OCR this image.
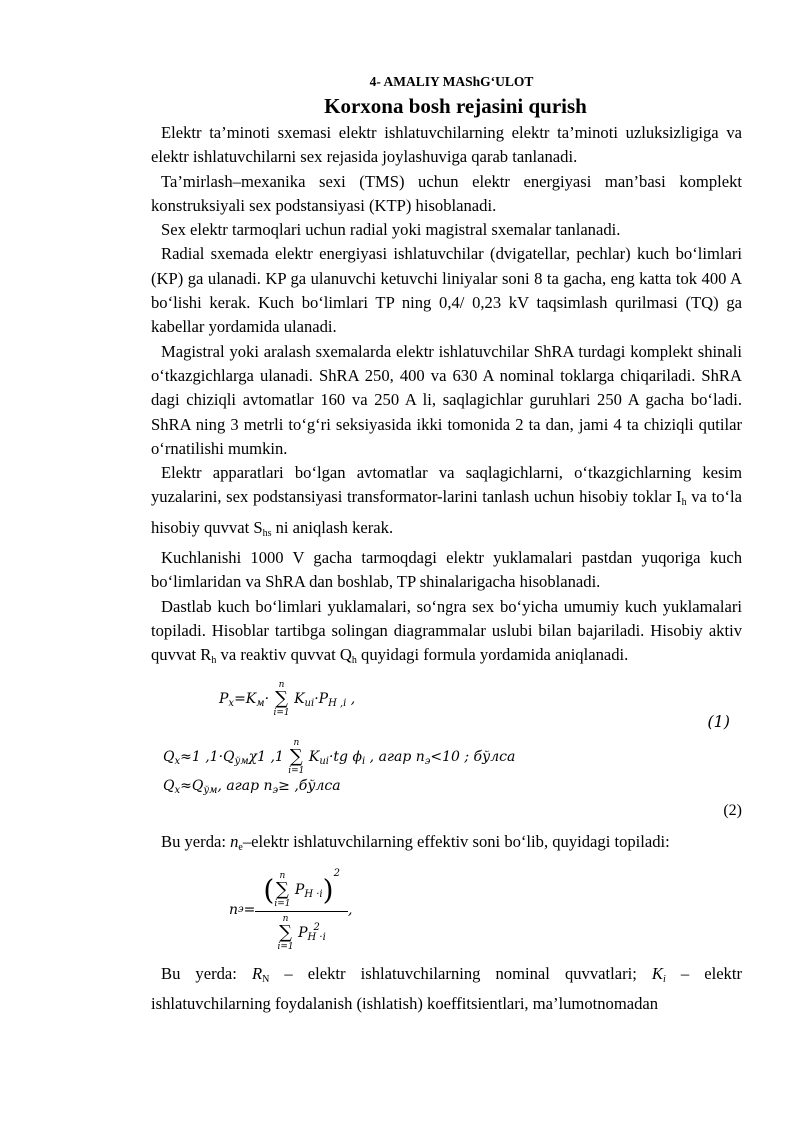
4- AMALIY MAShG‘ULOT
Korxona bosh rejasini qurish

Elektr ta’minoti sxemasi elektr ishlatuvchilarning elektr ta’minoti uzluksizligiga va elektr ishlatuvchilarni sex rejasida joylashuviga qarab tanlanadi.

Ta’mirlash–mexanika sexi (TMS) uchun elektr energiyasi man’basi komplekt konstruksiyali sex podstansiyasi (KTP) hisoblanadi.

Sex elektr tarmoqlari uchun radial yoki magistral sxemalar tanlanadi.

Radial sxemada elektr energiyasi ishlatuvchilar (dvigatellar, pechlar) kuch bo‘limlari (KP) ga ulanadi. KP ga ulanuvchi ketuvchi liniyalar soni 8 ta gacha, eng katta tok 400 A bo‘lishi kerak. Kuch bo‘limlari TP ning 0,4/ 0,23 kV taqsimlash qurilmasi (TQ) ga kabellar yordamida ulanadi.

Magistral yoki aralash sxemalarda elektr ishlatuvchilar ShRA turdagi komplekt shinali o‘tkazgichlarga ulanadi. ShRA 250, 400 va 630 A nominal toklarga chiqariladi. ShRA dagi chiziqli avtomatlar 160 va 250 A li, saqlagichlar guruhlari 250 A gacha bo‘ladi. ShRA ning 3 metrli to‘g‘ri seksiyasida ikki tomonida 2 ta dan, jami 4 ta chiziqli qutilar o‘rnatilishi mumkin.

Elektr apparatlari bo‘lgan avtomatlar va saqlagichlarni, o‘tkazgichlarning kesim yuzalarini, sex podstansiyasi transformator-larini tanlash uchun hisobiy toklar $I_h$ va to‘la hisobiy quvvat $S_{hs}$ ni aniqlash kerak.

Kuchlanishi 1000 V gacha tarmoqdagi elektr yuklamalari pastdan yuqoriga kuch bo‘limlaridan va ShRA dan boshlab, TP shinalarigacha hisoblanadi.

Dastlab kuch bo‘limlari yuklamalari, so‘ngra sex bo‘yicha umumiy kuch yuklamalari topiladi. Hisoblar tartibga solingan diagrammalar uslubi bilan bajariladi. Hisobiy aktiv quvvat $R_h$ va reaktiv quvvat $Q_h$ quyidagi formula yordamida aniqlanadi.

$P_x=K_м\cdot$
n
∑
i=1
$K_{иi}\cdot P_{H ,i}$ ,
(1)
$Q_x\approx 1$ $,1\cdot Q_{ўм}\chi 1$ ,1
n
∑
i=1
$K_{иi}\cdot tg$ $\phi_i$ , агар $n_э<10$ ; бўлса
$Q_x\approx Q_{ўм}$, агар $n_э\ge$ ,бўлса
(2)

Bu yerda: $n_e$–elektr ishlatuvchilarning effektiv soni bo‘lib, quyidagi topiladi:

n э = ( n
∑
i=1
$P_{H \cdot i})^2$
n
∑
i=1
P 2
H ·i ,

Bu yerda: $R_N$ – elektr ishlatuvchilarning nominal quvvatlari; $K_i$ – elektr ishlatuvchilarning foydalanish (ishlatish) koeffitsientlari, ma’lumotnomadan
